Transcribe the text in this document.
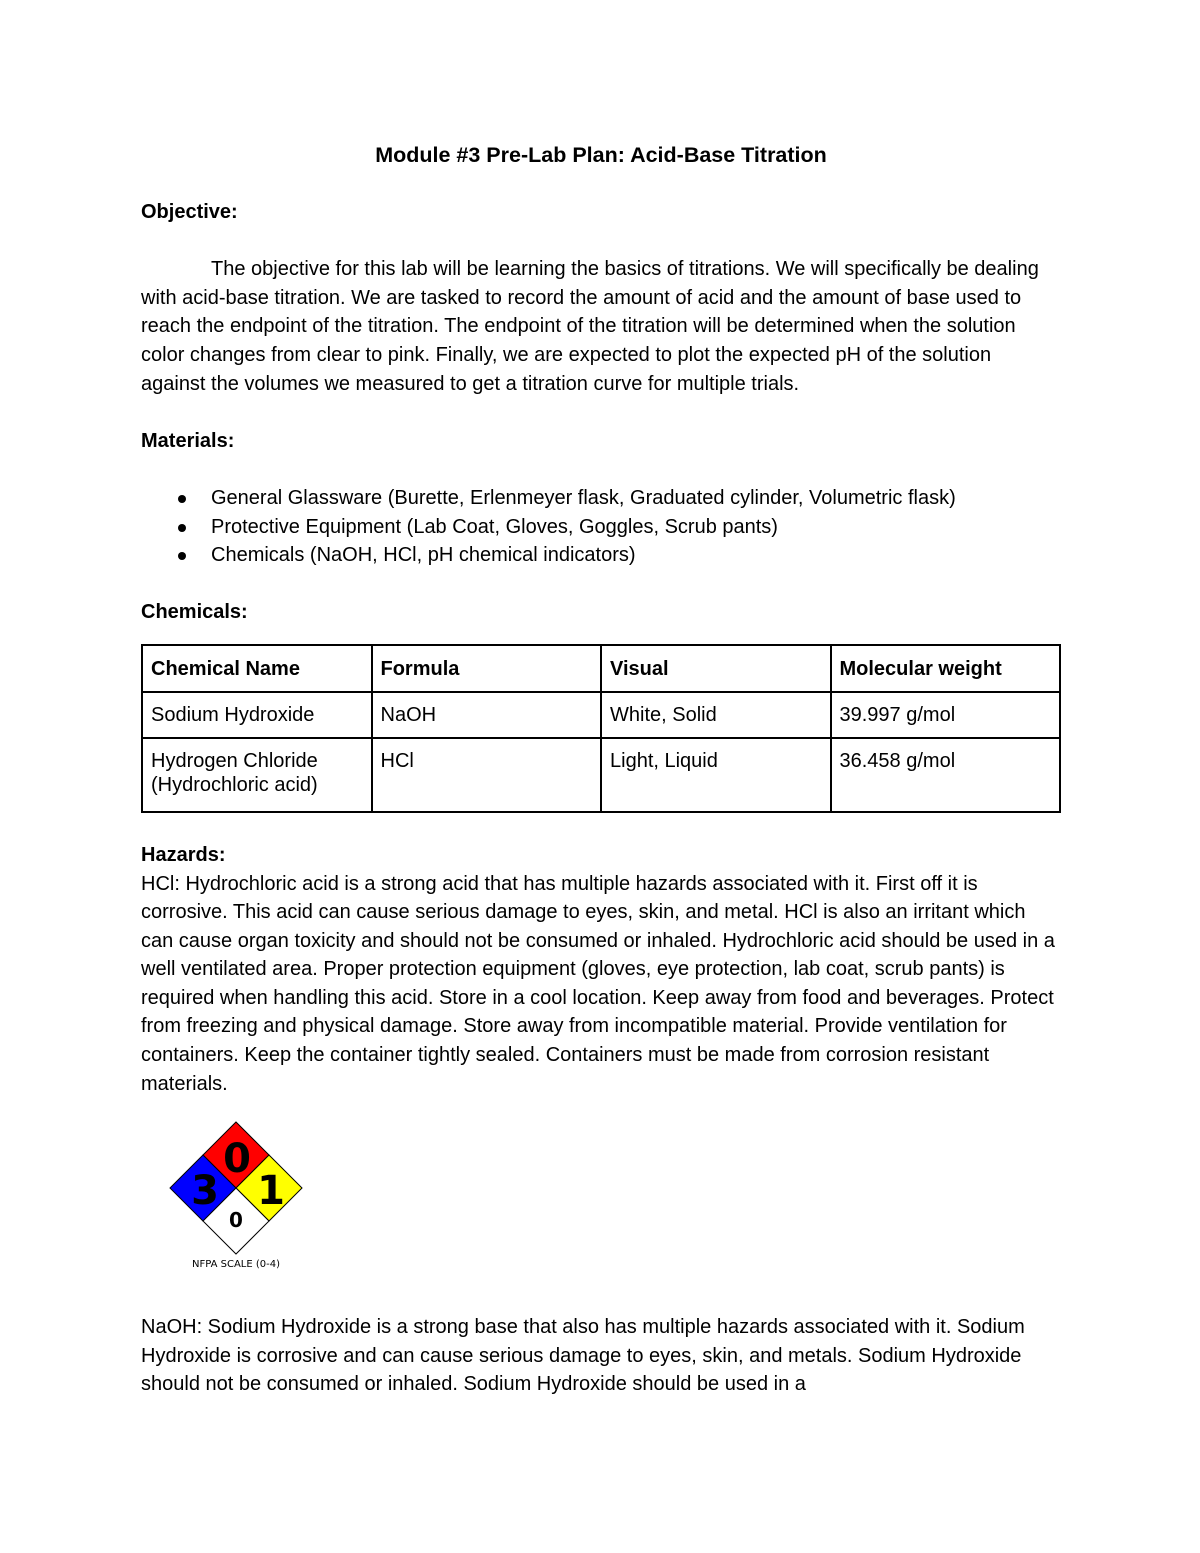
Module #3 Pre-Lab Plan: Acid-Base Titration

Objective:

The objective for this lab will be learning the basics of titrations. We will specifically be dealing with acid-base titration. We are tasked to record the amount of acid and the amount of base used to reach the endpoint of the titration. The endpoint of the titration will be determined when the solution color changes from clear to pink. Finally, we are expected to plot the expected pH of the solution against the volumes we measured to get a titration curve for multiple trials.

Materials:

General Glassware (Burette, Erlenmeyer flask, Graduated cylinder, Volumetric flask)
Protective Equipment (Lab Coat, Gloves, Goggles, Scrub pants)
Chemicals (NaOH, HCl, pH chemical indicators)

Chemicals:

Chemical Name	Formula	Visual	Molecular weight
Sodium Hydroxide	NaOH	White, Solid	39.997 g/mol
Hydrogen Chloride (Hydrochloric acid)	HCl	Light, Liquid	36.458 g/mol

Hazards:

HCl: Hydrochloric acid is a strong acid that has multiple hazards associated with it. First off it is corrosive. This acid can cause serious damage to eyes, skin, and metal. HCl is also an irritant which can cause organ toxicity and should not be consumed or inhaled. Hydrochloric acid should be used in a well ventilated area. Proper protection equipment (gloves, eye protection, lab coat, scrub pants) is required when handling this acid. Store in a cool location. Keep away from food and beverages. Protect from freezing and physical damage. Store away from incompatible material. Provide ventilation for containers. Keep the container tightly sealed. Containers must be made from corrosion resistant materials.

NaOH: Sodium Hydroxide is a strong base that also has multiple hazards associated with it. Sodium Hydroxide is corrosive and can cause serious damage to eyes, skin, and metals. Sodium Hydroxide should not be consumed or inhaled. Sodium Hydroxide should be used in a

0
3 1
0
NFPA SCALE (0-4)
